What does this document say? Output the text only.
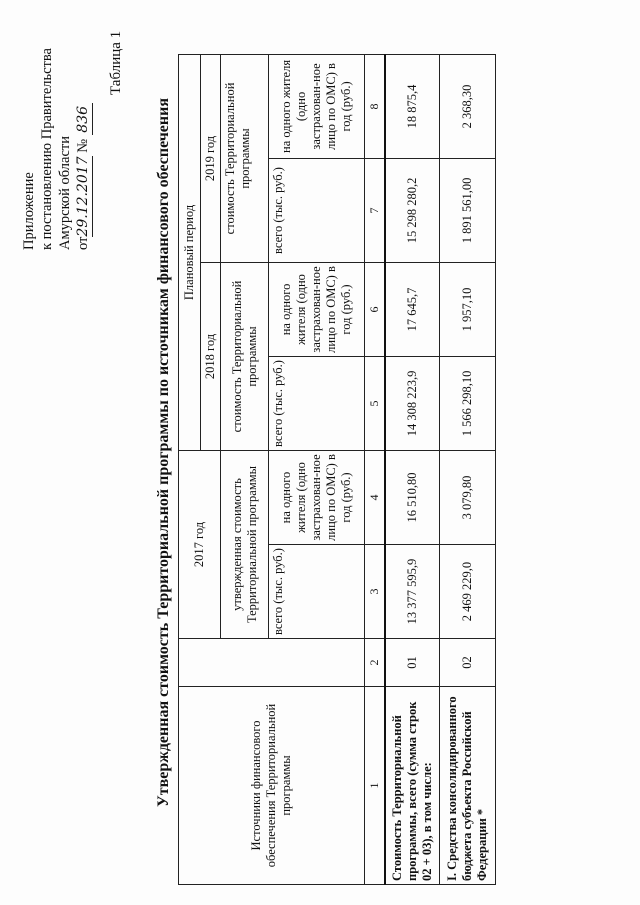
Приложение к постановлению Правительства Амурской области от29.12.2017 № 836
Таблица 1
Утвержденная стоимость Территориальной программы по источникам финансового обеспечения	Источники финансового обеспечения Территориальной программы		2017 год		Плановый период			
				2018 год		2019 год	
		утвержденная стоимость Территориальной программы		стоимость Территориальной программы		стоимость Территориальной программы	
		всего (тыс. руб.)	на одного жителя (одно застрахован-ное лицо по ОМС) в год (руб.)	всего (тыс. руб.)	на одного жителя (одно застрахован-ное лицо по ОМС) в год (руб.)	всего (тыс. руб.)	на одного жителя (одно застрахован-ное лицо по ОМС) в год (руб.)
1	2	3	4	5	6	7	8
Стоимость Территориальной программы, всего (сумма строк 02 + 03), в том числе:	01	13 377 595,9	16 510,80	14 308 223,9	17 645,7	15 298 280,2	18 875,4
I. Средства консолидированного бюджета субъекта Российской Федерации *	02	2 469 229,0	3 079,80	1 566 298,10	1 957,10	1 891 561,00	2 368,30
